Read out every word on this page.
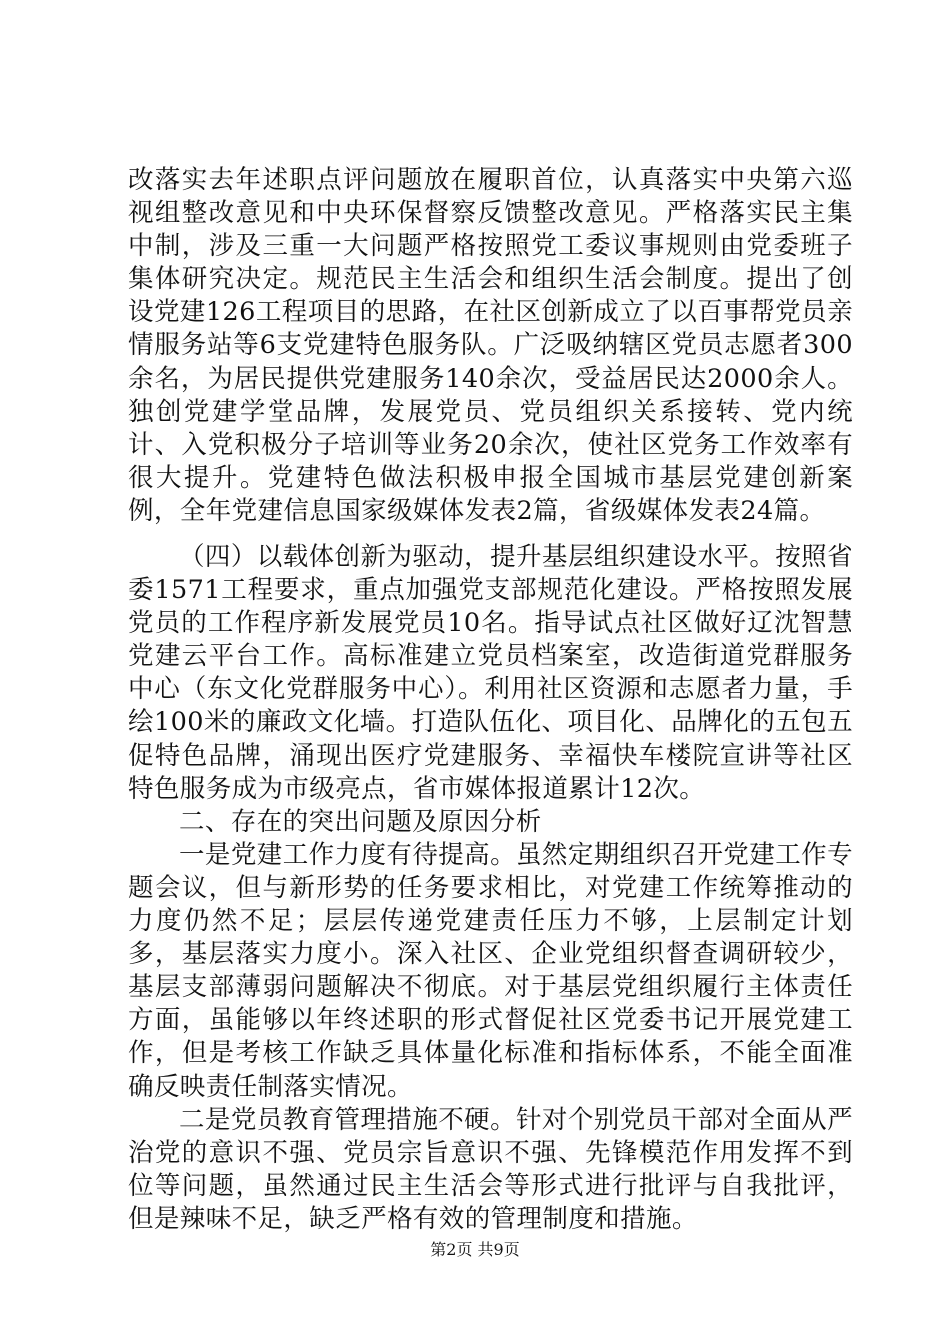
改落实去年述职点评问题放在履职首位，认真落实中央第六巡视组整改意见和中央环保督察反馈整改意见。严格落实民主集中制，涉及三重一大问题严格按照党工委议事规则由党委班子集体研究决定。规范民主生活会和组织生活会制度。提出了创设党建126工程项目的思路，在社区创新成立了以百事帮党员亲情服务站等6支党建特色服务队。广泛吸纳辖区党员志愿者300余名，为居民提供党建服务140余次，受益居民达2000余人。独创党建学堂品牌，发展党员、党员组织关系接转、党内统计、入党积极分子培训等业务20余次，使社区党务工作效率有很大提升。党建特色做法积极申报全国城市基层党建创新案例，全年党建信息国家级媒体发表2篇，省级媒体发表24篇。

（四）以载体创新为驱动，提升基层组织建设水平。按照省委1571工程要求，重点加强党支部规范化建设。严格按照发展党员的工作程序新发展党员10名。指导试点社区做好辽沈智慧党建云平台工作。高标准建立党员档案室，改造街道党群服务中心（东文化党群服务中心）。利用社区资源和志愿者力量，手绘100米的廉政文化墙。打造队伍化、项目化、品牌化的五包五促特色品牌，涌现出医疗党建服务、幸福快车楼院宣讲等社区特色服务成为市级亮点，省市媒体报道累计12次。

二、存在的突出问题及原因分析

一是党建工作力度有待提高。虽然定期组织召开党建工作专题会议，但与新形势的任务要求相比，对党建工作统筹推动的力度仍然不足；层层传递党建责任压力不够，上层制定计划多，基层落实力度小。深入社区、企业党组织督查调研较少，基层支部薄弱问题解决不彻底。对于基层党组织履行主体责任方面，虽能够以年终述职的形式督促社区党委书记开展党建工作，但是考核工作缺乏具体量化标准和指标体系，不能全面准确反映责任制落实情况。

二是党员教育管理措施不硬。针对个别党员干部对全面从严治党的意识不强、党员宗旨意识不强、先锋模范作用发挥不到位等问题，虽然通过民主生活会等形式进行批评与自我批评，但是辣味不足，缺乏严格有效的管理制度和措施。

第2页 共9页
